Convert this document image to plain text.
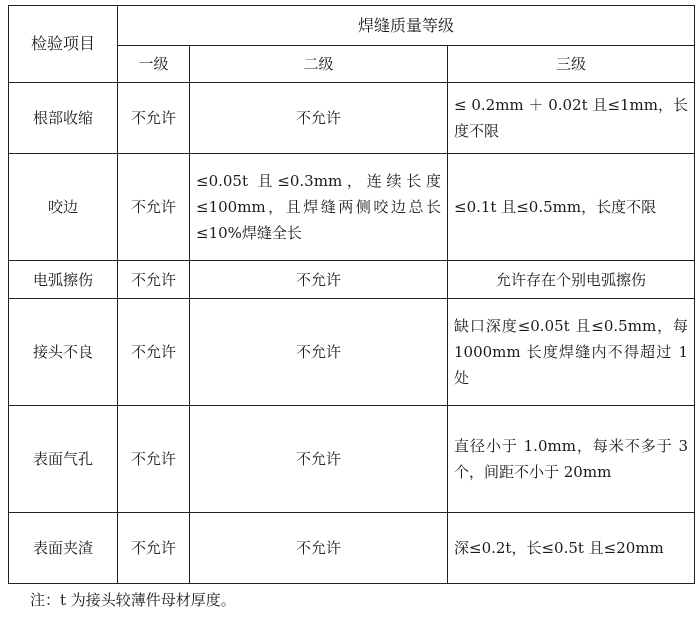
检验项目	焊缝质量等级		
	一级	二级	三级
根部收缩	不允许	不允许	≤ 0.2mm ＋ 0.02t 且≤1mm，长度不限
咬边	不允许	≤0.05t 且≤0.3mm，连续长度≤100mm，且焊缝两侧咬边总长≤10%焊缝全长	≤0.1t 且≤0.5mm，长度不限
电弧擦伤	不允许	不允许	允许存在个别电弧擦伤
接头不良	不允许	不允许	缺口深度≤0.05t 且≤0.5mm，每 1000mm 长度焊缝内不得超过 1 处
表面气孔	不允许	不允许	直径小于 1.0mm，每米不多于 3 个，间距不小于 20mm
表面夹渣	不允许	不允许	深≤0.2t，长≤0.5t 且≤20mm
注：t 为接头较薄件母材厚度。
